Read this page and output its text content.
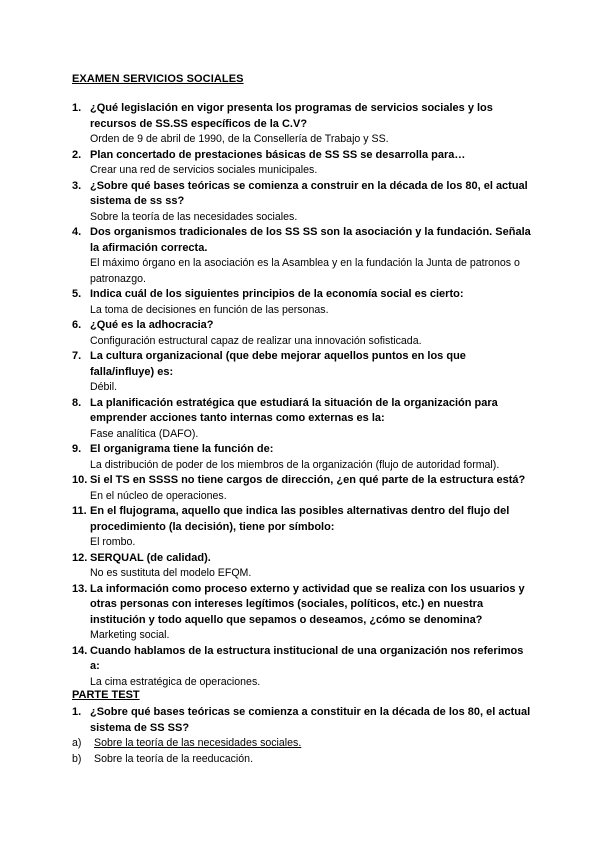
EXAMEN SERVICIOS SOCIALES
1. ¿Qué legislación en vigor presenta los programas de servicios sociales y los recursos de SS.SS específicos de la C.V?
Orden de 9 de abril de 1990, de la Consellería de Trabajo y SS.
2. Plan concertado de prestaciones básicas de SS SS se desarrolla para…
Crear una red de servicios sociales municipales.
3. ¿Sobre qué bases teóricas se comienza a construir en la década de los 80, el actual sistema de ss ss?
Sobre la teoría de las necesidades sociales.
4. Dos organismos tradicionales de los SS SS son la asociación y la fundación. Señala la afirmación correcta.
El máximo órgano en la asociación es la Asamblea y en la fundación la Junta de patronos o patronazgo.
5. Indica cuál de los siguientes principios de la economía social es cierto:
La toma de decisiones en función de las personas.
6. ¿Qué es la adhocracia?
Configuración estructural capaz de realizar una innovación sofisticada.
7. La cultura organizacional (que debe mejorar aquellos puntos en los que falla/influye) es:
Débil.
8. La planificación estratégica que estudiará la situación de la organización para emprender acciones tanto internas como externas es la:
Fase analítica (DAFO).
9. El organigrama tiene la función de:
La distribución de poder de los miembros de la organización (flujo de autoridad formal).
10. Si el TS en SSSS no tiene cargos de dirección, ¿en qué parte de la estructura está?
En el núcleo de operaciones.
11. En el flujograma, aquello que indica las posibles alternativas dentro del flujo del procedimiento (la decisión), tiene por símbolo:
El rombo.
12. SERQUAL (de calidad).
No es sustituta del modelo EFQM.
13. La información como proceso externo y actividad que se realiza con los usuarios y otras personas con intereses legítimos (sociales, políticos, etc.) en nuestra institución y todo aquello que sepamos o deseamos, ¿cómo se denomina?
Marketing social.
14. Cuando hablamos de la estructura institucional de una organización nos referimos a:
La cima estratégica de operaciones.
PARTE TEST
1. ¿Sobre qué bases teóricas se comienza a constituir en la década de los 80, el actual sistema de SS SS?
a) Sobre la teoría de las necesidades sociales.
b) Sobre la teoría de la reeducación.
